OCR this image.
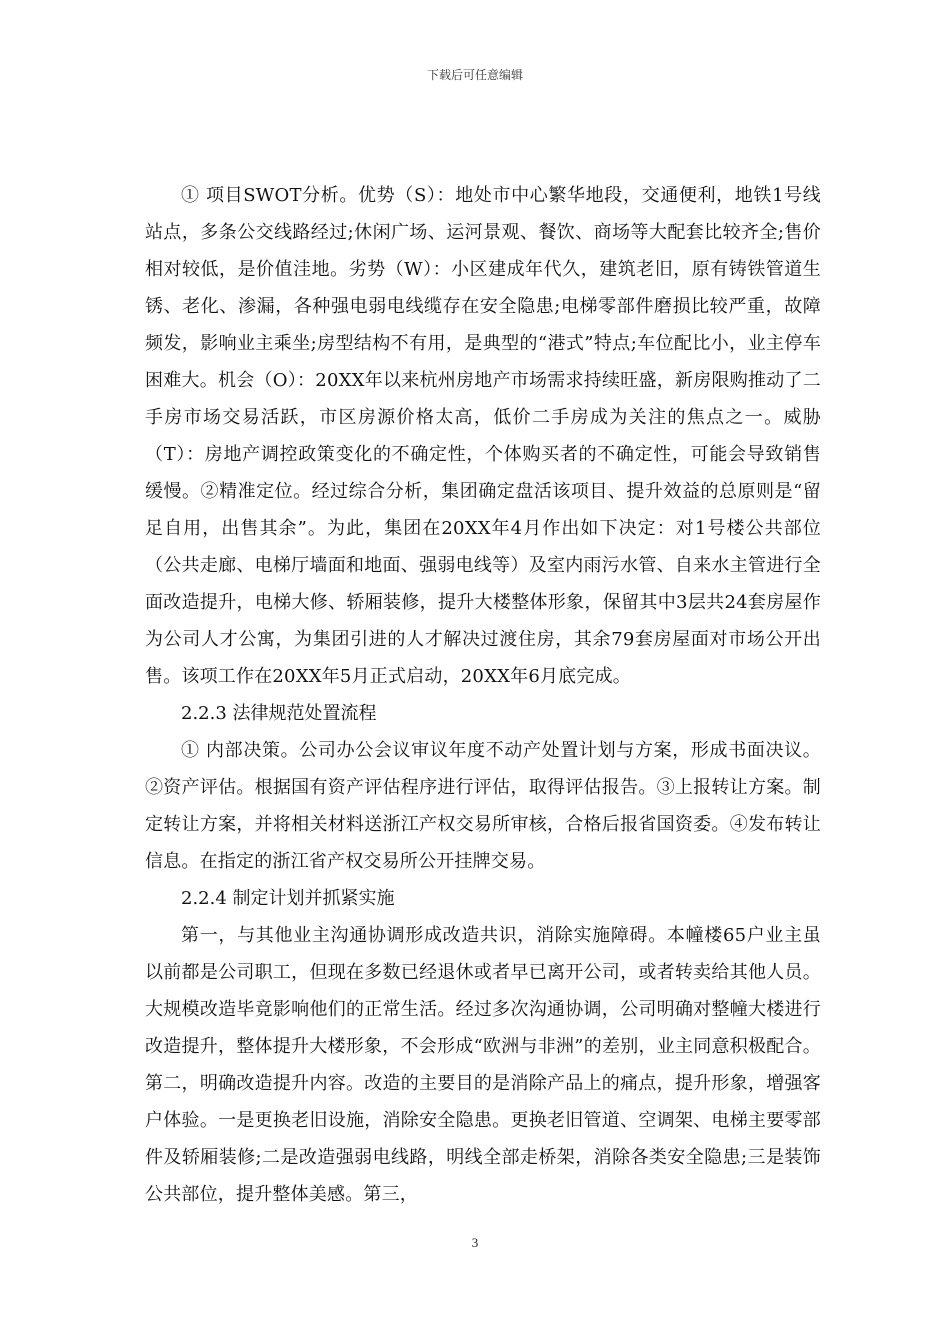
下载后可任意编辑

① 项目SWOT分析。优势（S）：地处市中心繁华地段，交通便利，地铁1号线站点，多条公交线路经过;休闲广场、运河景观、餐饮、商场等大配套比较齐全;售价相对较低，是价值洼地。劣势（W）：小区建成年代久，建筑老旧，原有铸铁管道生锈、老化、渗漏，各种强电弱电线缆存在安全隐患;电梯零部件磨损比较严重，故障频发，影响业主乘坐;房型结构不有用，是典型的“港式”特点;车位配比小，业主停车困难大。机会（O）：20XX年以来杭州房地产市场需求持续旺盛，新房限购推动了二手房市场交易活跃，市区房源价格太高，低价二手房成为关注的焦点之一。威胁（T）：房地产调控政策变化的不确定性，个体购买者的不确定性，可能会导致销售缓慢。②精准定位。经过综合分析，集团确定盘活该项目、提升效益的总原则是“留足自用，出售其余”。为此，集团在20XX年4月作出如下决定：对1号楼公共部位（公共走廊、电梯厅墙面和地面、强弱电线等）及室内雨污水管、自来水主管进行全面改造提升，电梯大修、轿厢装修，提升大楼整体形象，保留其中3层共24套房屋作为公司人才公寓，为集团引进的人才解决过渡住房，其余79套房屋面对市场公开出售。该项工作在20XX年5月正式启动，20XX年6月底完成。

2.2.3 法律规范处置流程

① 内部决策。公司办公会议审议年度不动产处置计划与方案，形成书面决议。②资产评估。根据国有资产评估程序进行评估，取得评估报告。③上报转让方案。制定转让方案，并将相关材料送浙江产权交易所审核，合格后报省国资委。④发布转让信息。在指定的浙江省产权交易所公开挂牌交易。

2.2.4 制定计划并抓紧实施

第一，与其他业主沟通协调形成改造共识，消除实施障碍。本幢楼65户业主虽以前都是公司职工，但现在多数已经退休或者早已离开公司，或者转卖给其他人员。大规模改造毕竟影响他们的正常生活。经过多次沟通协调，公司明确对整幢大楼进行改造提升，整体提升大楼形象，不会形成“欧洲与非洲”的差别，业主同意积极配合。第二，明确改造提升内容。改造的主要目的是消除产品上的痛点，提升形象，增强客户体验。一是更换老旧设施，消除安全隐患。更换老旧管道、空调架、电梯主要零部件及轿厢装修;二是改造强弱电线路，明线全部走桥架，消除各类安全隐患;三是装饰公共部位，提升整体美感。第三，

3
